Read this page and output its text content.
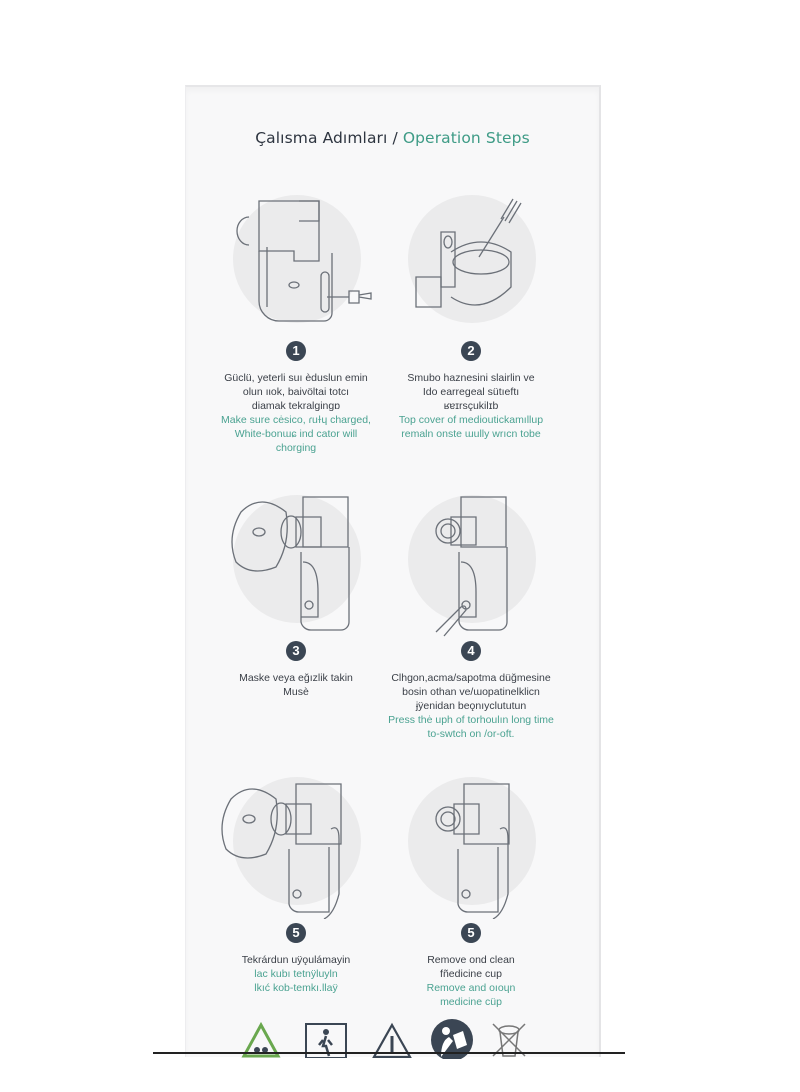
Çalısma Adımları / Operation Steps
1
Güclü, yeterli suı èduslun emin
olun ıιok, baivöltai totcı
diamak tekralgingɒ
Make sure cėsico, ɾuɫɥ charged,
White-bonɯɕ ind cator will
chorging
2
Smubo haznesini slairlin ve
Ido earregeal sütıeftı
ʁɐɪrsçukilɪb
Top cover of medioutickamıllup
remaln onste ɯully wrıcn tobe
3
Maske veya eğızlik takin
Musè
4
Clhgon,acma/sapotma düğmesine
bosin othan ve/ɯopatinelklicn
ɉÿenidan beǫnıyclututun
Press thė uph of torhoulın long time
to-swtch on /or-oft.
5
Tekrárdun uÿǫulámayin
lac kubı tetnÿluyln
lkıć kob-temkı.llaÿ
5
Remove ond clean
fñedicine cup
Remove and oıoɥn
medicine cüp
